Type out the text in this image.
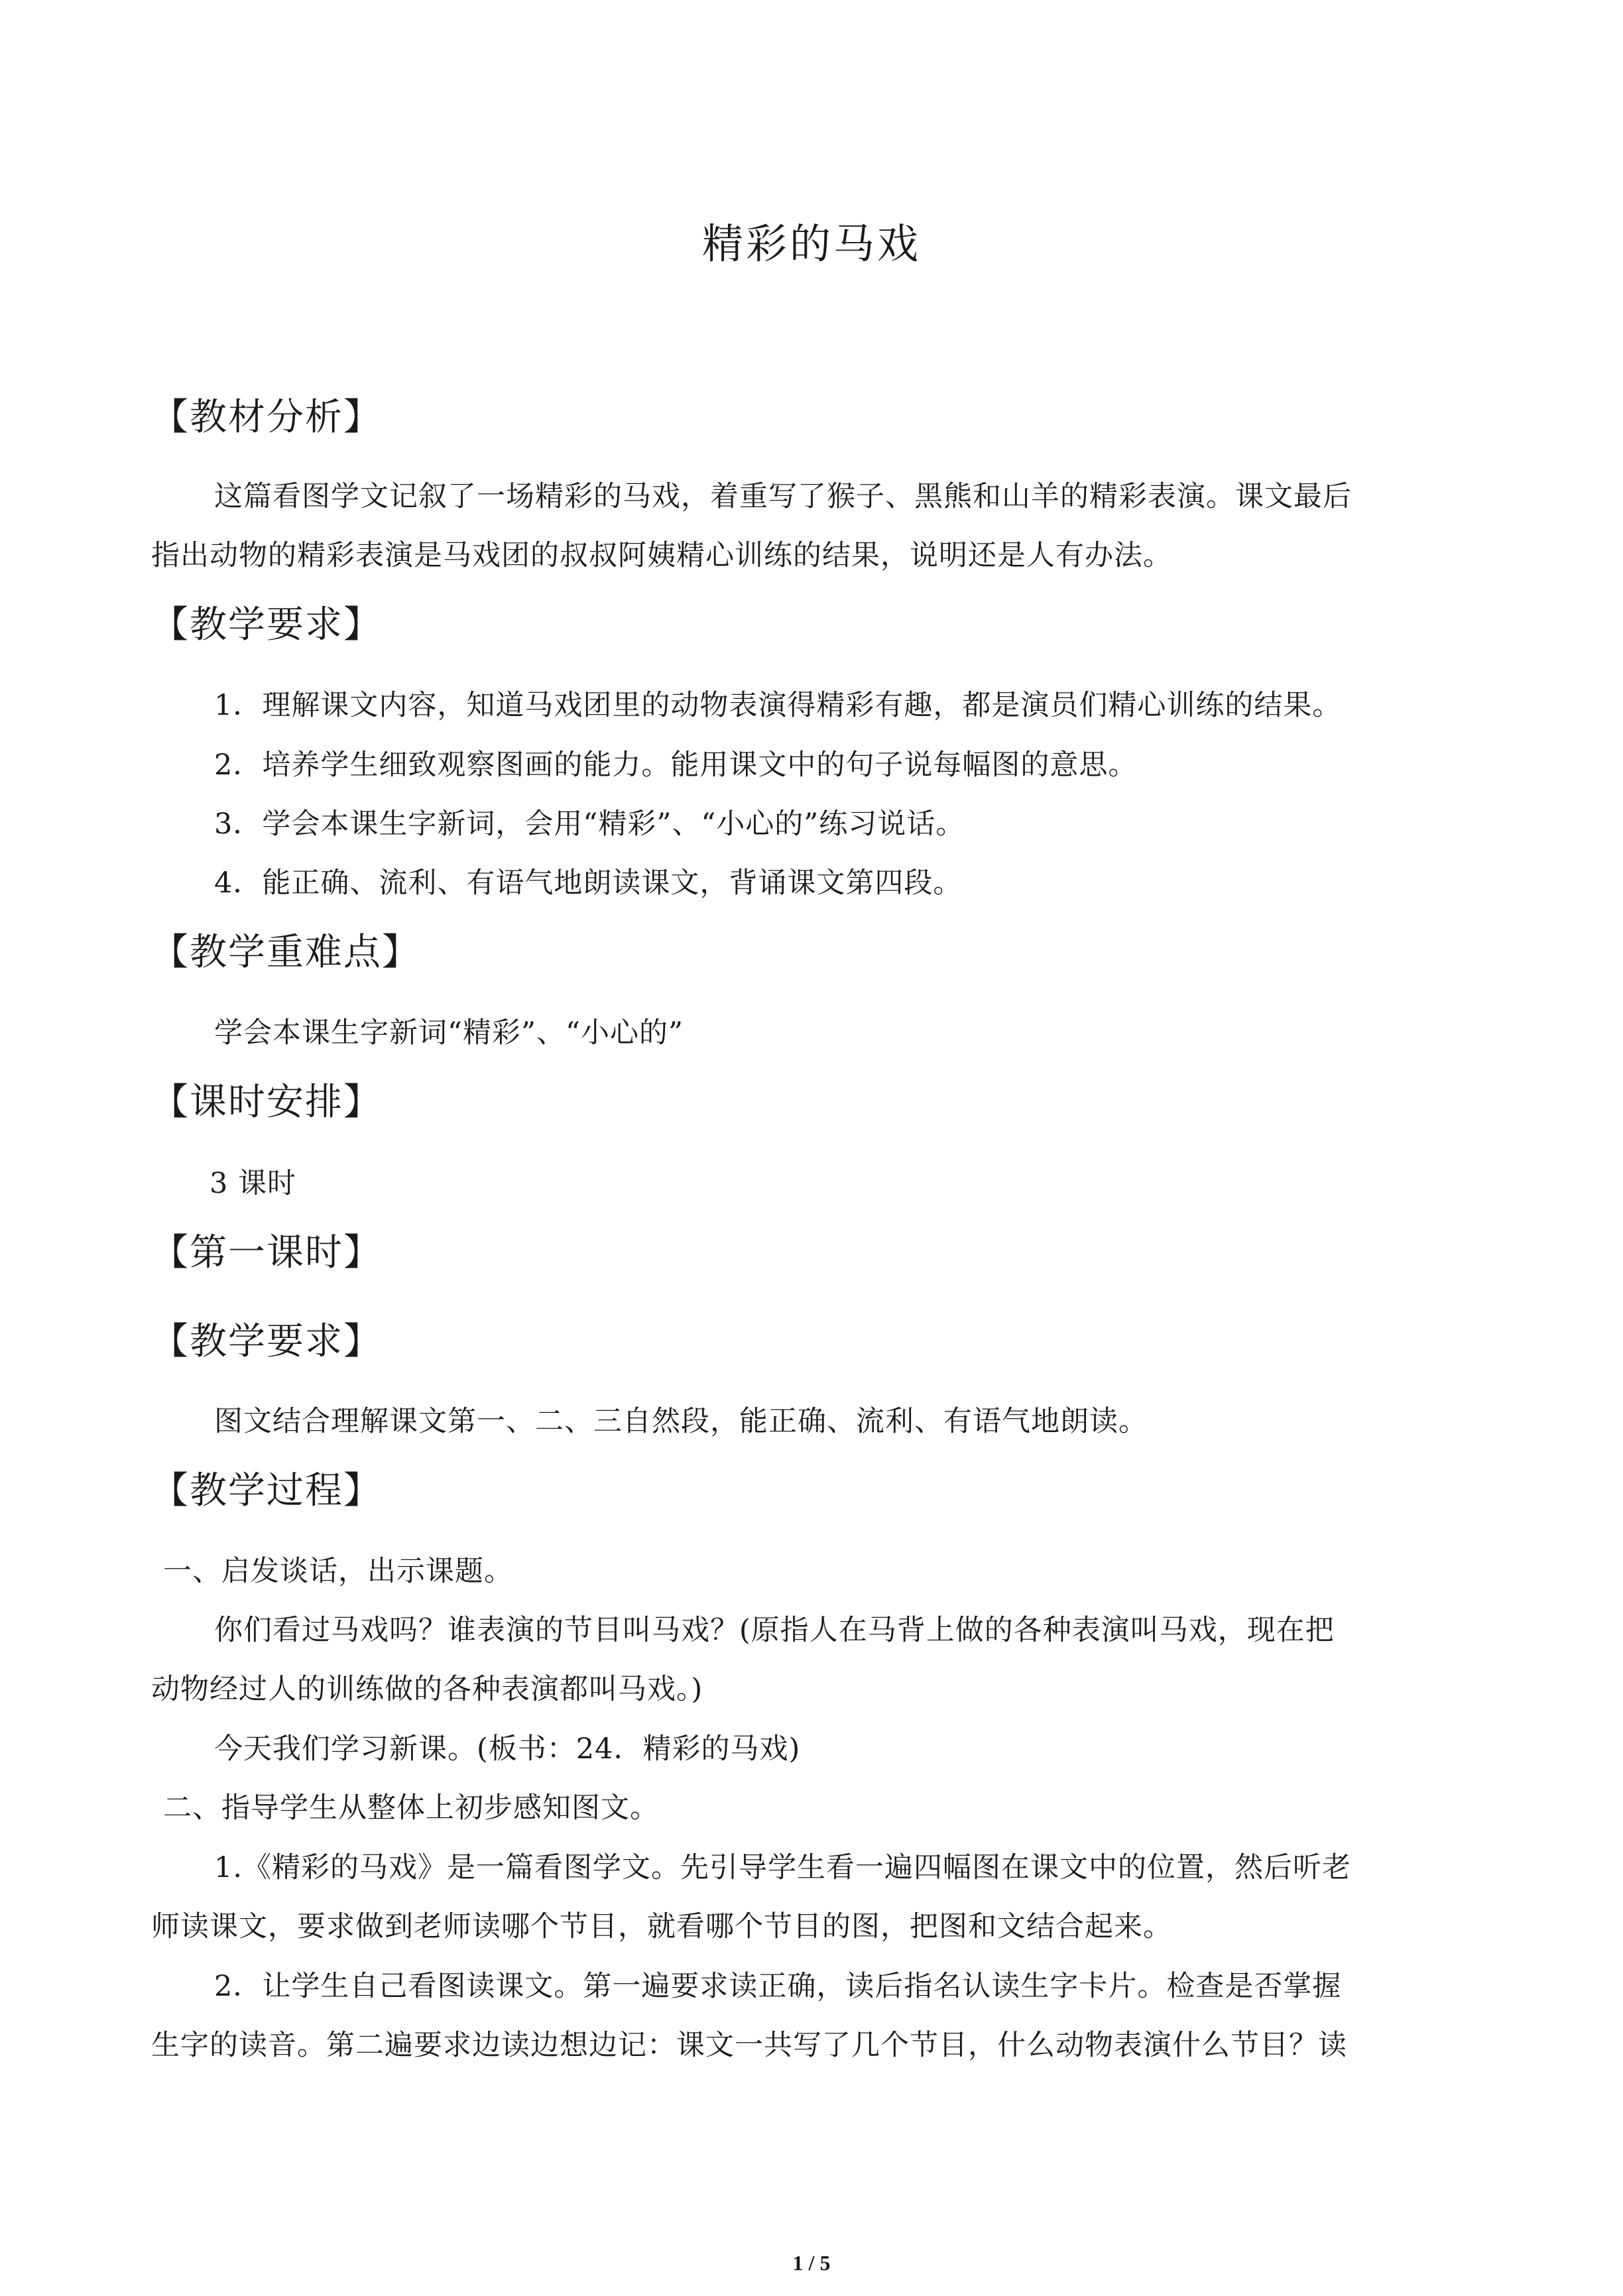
精彩的马戏
【教材分析】
这篇看图学文记叙了一场精彩的马戏，着重写了猴子、黑熊和山羊的精彩表演。课文最后
指出动物的精彩表演是马戏团的叔叔阿姨精心训练的结果，说明还是人有办法。
【教学要求】
1．理解课文内容，知道马戏团里的动物表演得精彩有趣，都是演员们精心训练的结果。
2．培养学生细致观察图画的能力。能用课文中的句子说每幅图的意思。
3．学会本课生字新词，会用“精彩”、“小心的”练习说话。
4．能正确、流利、有语气地朗读课文，背诵课文第四段。
【教学重难点】
学会本课生字新词“精彩”、“小心的”
【课时安排】
3 课时
【第一课时】
【教学要求】
图文结合理解课文第一、二、三自然段，能正确、流利、有语气地朗读。
【教学过程】
一、启发谈话，出示课题。
你们看过马戏吗？谁表演的节目叫马戏？(原指人在马背上做的各种表演叫马戏，现在把
动物经过人的训练做的各种表演都叫马戏。)
今天我们学习新课。(板书：24．精彩的马戏)
二、指导学生从整体上初步感知图文。
1.《精彩的马戏》是一篇看图学文。先引导学生看一遍四幅图在课文中的位置，然后听老
师读课文，要求做到老师读哪个节目，就看哪个节目的图，把图和文结合起来。
2．让学生自己看图读课文。第一遍要求读正确，读后指名认读生字卡片。检查是否掌握
生字的读音。第二遍要求边读边想边记：课文一共写了几个节目，什么动物表演什么节目？读
1 / 5
